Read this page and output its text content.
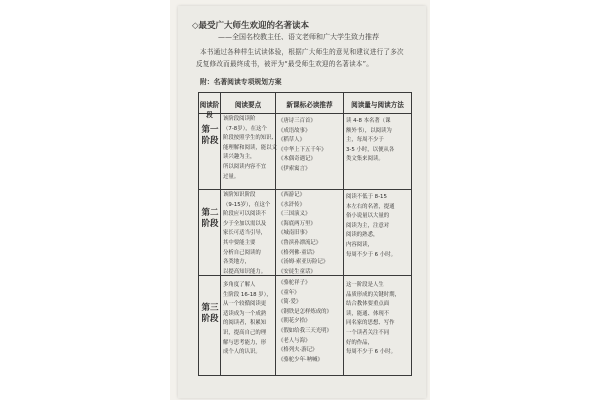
◇最受广大师生欢迎的名著读本
——全国名校教主任、语文老师和广大学生致力推荐
本书通过各种样生试读体验，根据广大师生的意见和建议进行了多次
反复修改而最终成书，被评为“最受师生欢迎的名著读本”。
附：名著阅读专项规划方案
阅读阶段
阅读要点	新课标必读推荐	阅读量与阅读方法
第一阶段
第二阶段
第三阶段
该阶段阅读阶
（7-8岁），在这个
阶段按照学生的知识、
能理解和阅读，能以文
读兴趣为主，
所以阅读内容不宜
过量。
《唐诗三百首》
《成语故事》
《稻草人》
《中华上下五千年》
《木偶奇遇记》
《伊索寓言》
读 4-8 本名著（课
额外书），以阅读为
主，每周不少于
3-5 小时，以便从各
类文集来阅读。
该阶知识阶段
（9-15岁），在这个
阶段应可以阅读不
少于全加以需以及
家长可适当引导，
其中要能主要
分析自己阅读的
各类地方，
以提高知识能力。
《西游记》
《水浒传》
《三国演义》
《海底两万里》
《城南旧事》
《鲁滨孙漂流记》
《格列佛·童话》
《汤姆·索亚历险记》
《安徒生童话》
阅读不低于 8-15
本左右的名著，提通
俗小说量以大量的
阅读为主，注意对
阅读的熟悉，
内容阅读，
每周不少于 6 小时。
多角度了解人
生阶段 16-18 岁），
从一个较循阅读更
适读成为一个成熟
的阅读者，积累知
识，提高自己的理
解与思考能力，形
成个人的认识。
《骆驼祥子》
《童年》
《简·爱》
《钢铁是怎样炼成的》
《朝花夕拾》
《假如给我三天光明》
《老人与海》
《格列夫·游记》
《骆驼少年·呐喊》
这一阶段是人生
品质形成的关键时期，
结合教体要重点面
读，能通、体现不
同名家的思想、写作
一个读者关注不同
好的作品，
每周不少于 6 小时。
